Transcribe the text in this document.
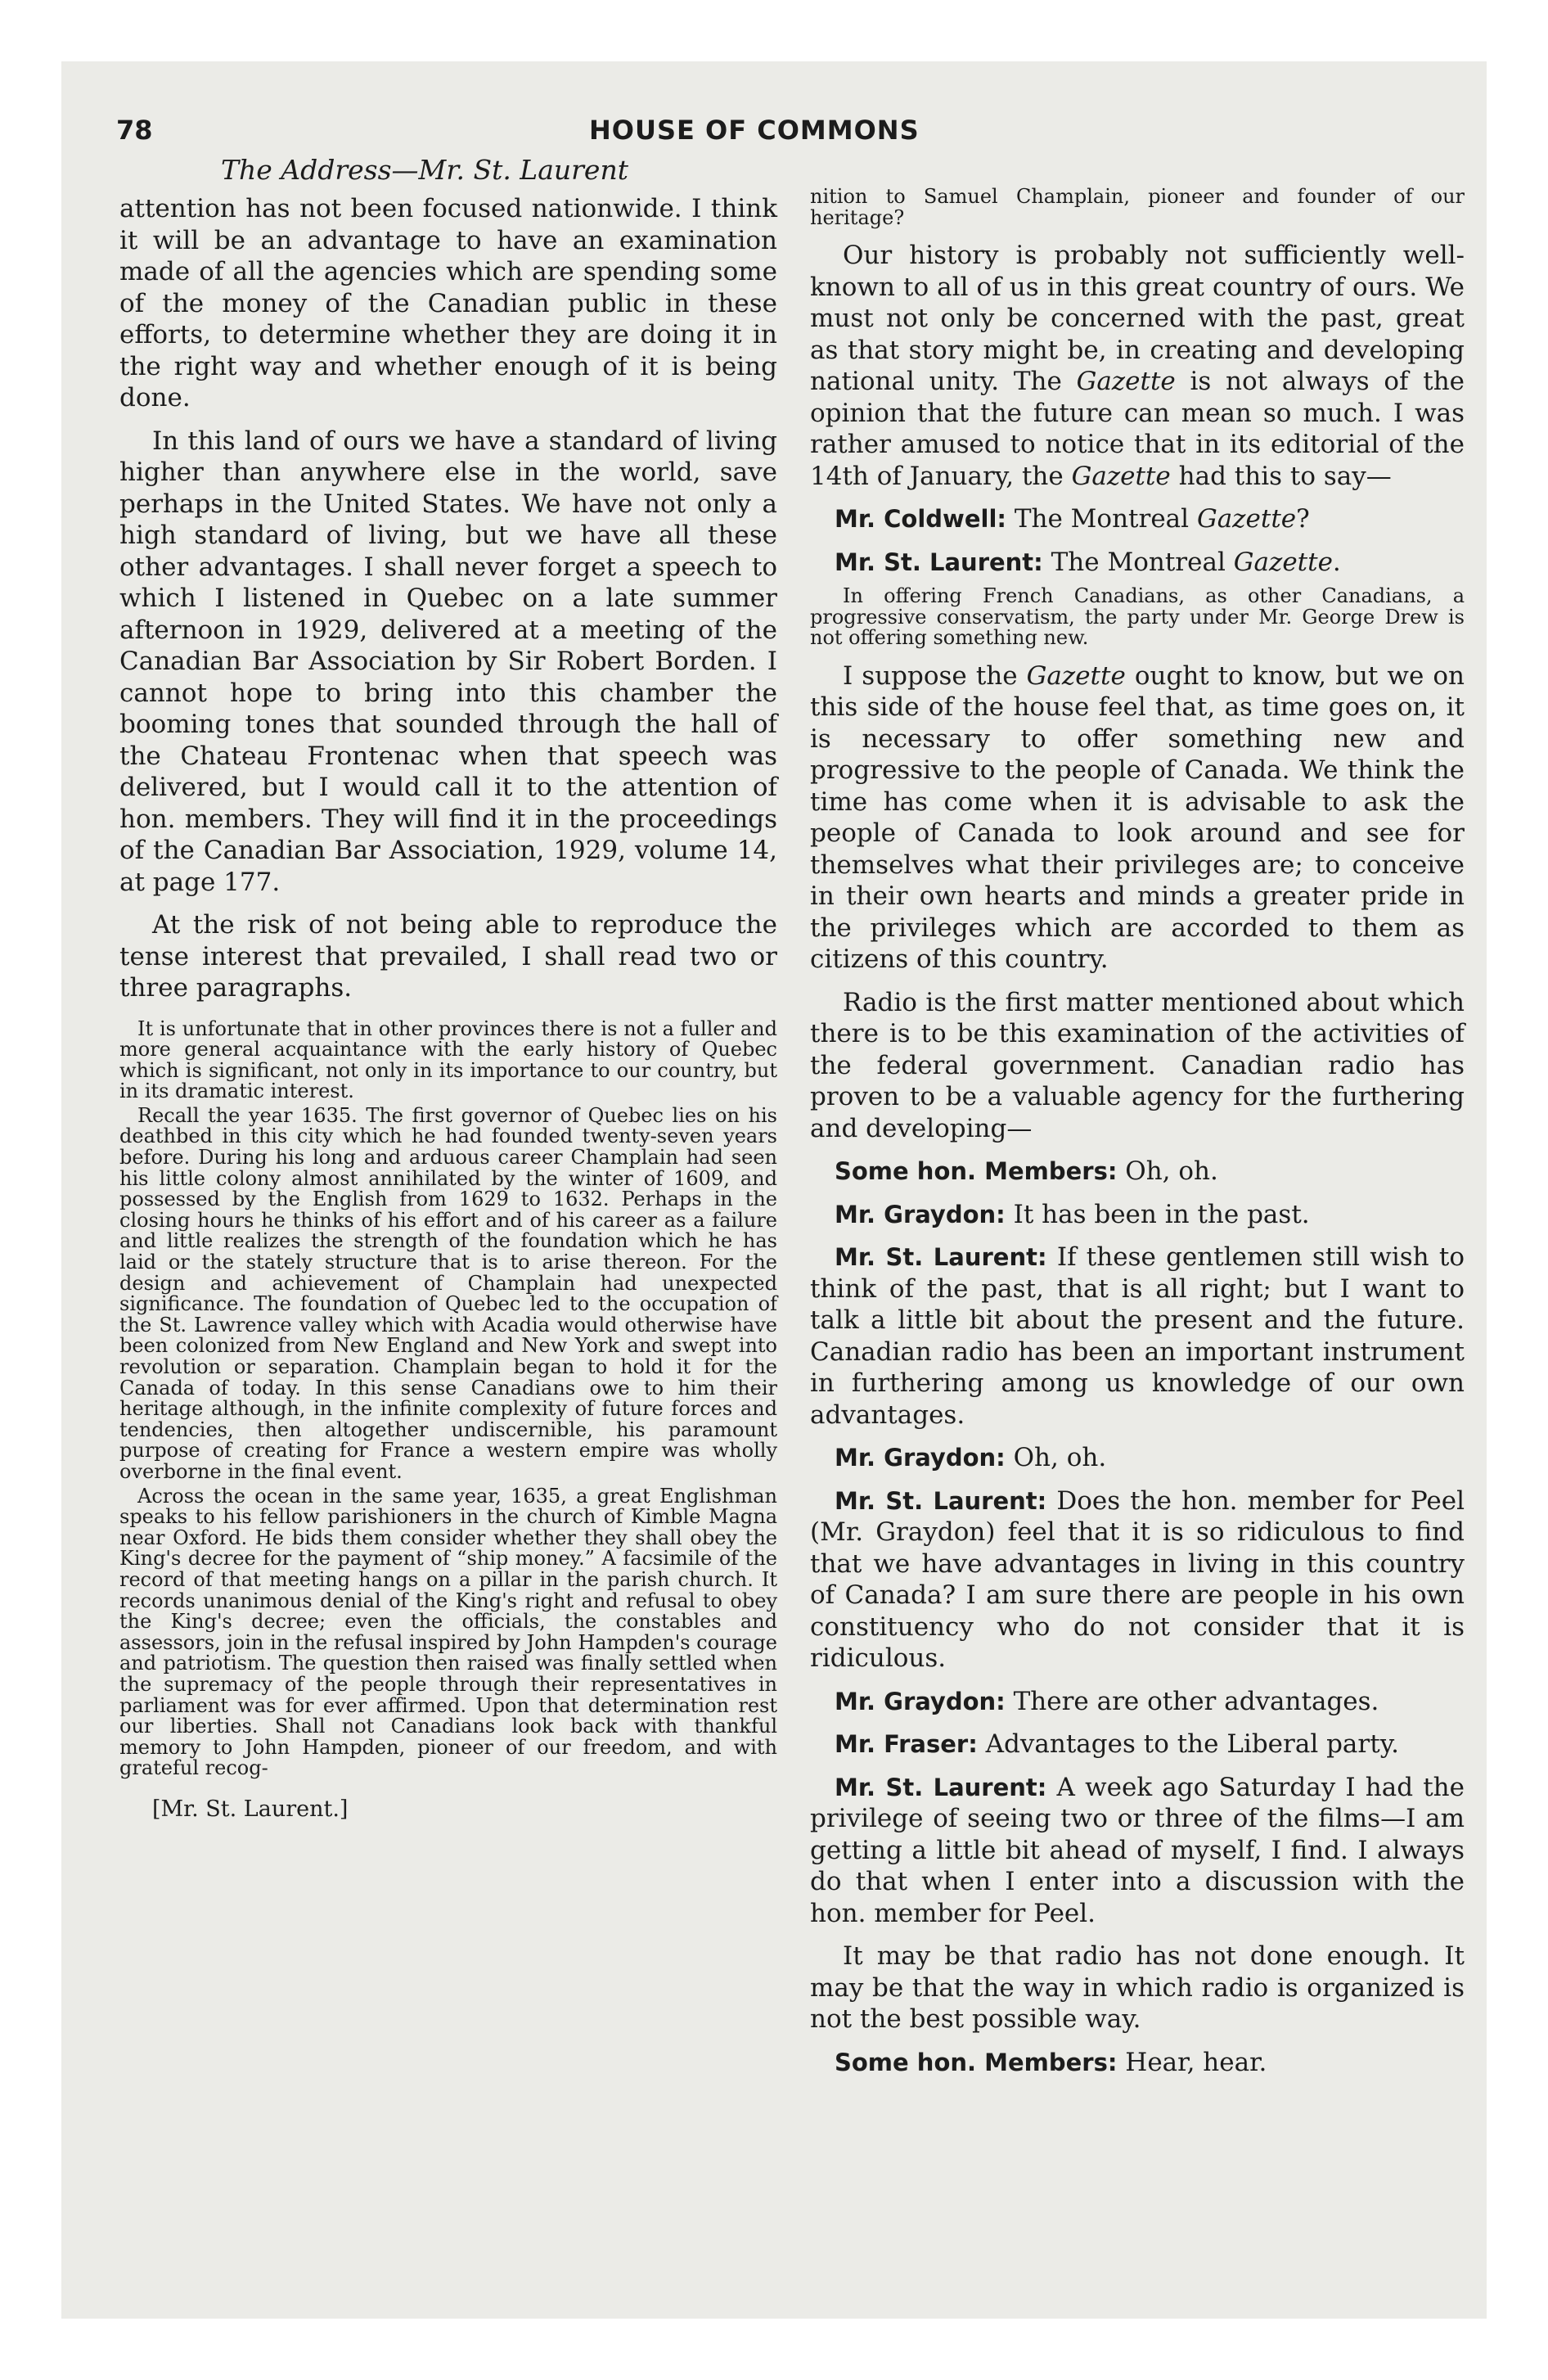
78	HOUSE OF COMMONS

The Address—Mr. St. Laurent

attention has not been focused nationwide. I think it will be an advantage to have an examination made of all the agencies which are spending some of the money of the Canadian public in these efforts, to determine whether they are doing it in the right way and whether enough of it is being done.

In this land of ours we have a standard of living higher than anywhere else in the world, save perhaps in the United States. We have not only a high standard of living, but we have all these other advantages. I shall never forget a speech to which I listened in Quebec on a late summer afternoon in 1929, delivered at a meeting of the Canadian Bar Association by Sir Robert Borden. I cannot hope to bring into this chamber the booming tones that sounded through the hall of the Chateau Frontenac when that speech was delivered, but I would call it to the attention of hon. members. They will find it in the proceedings of the Canadian Bar Association, 1929, volume 14, at page 177.

At the risk of not being able to reproduce the tense interest that prevailed, I shall read two or three paragraphs.

It is unfortunate that in other provinces there is not a fuller and more general acquaintance with the early history of Quebec which is significant, not only in its importance to our country, but in its dramatic interest.

Recall the year 1635. The first governor of Quebec lies on his deathbed in this city which he had founded twenty-seven years before. During his long and arduous career Champlain had seen his little colony almost annihilated by the winter of 1609, and possessed by the English from 1629 to 1632. Perhaps in the closing hours he thinks of his effort and of his career as a failure and little realizes the strength of the foundation which he has laid or the stately structure that is to arise thereon. For the design and achievement of Champlain had unexpected significance. The foundation of Quebec led to the occupation of the St. Lawrence valley which with Acadia would otherwise have been colonized from New England and New York and swept into revolution or separation. Champlain began to hold it for the Canada of today. In this sense Canadians owe to him their heritage although, in the infinite complexity of future forces and tendencies, then altogether undiscernible, his paramount purpose of creating for France a western empire was wholly overborne in the final event.

Across the ocean in the same year, 1635, a great Englishman speaks to his fellow parishioners in the church of Kimble Magna near Oxford. He bids them consider whether they shall obey the King's decree for the payment of “ship money.” A facsimile of the record of that meeting hangs on a pillar in the parish church. It records unanimous denial of the King's right and refusal to obey the King's decree; even the officials, the constables and assessors, join in the refusal inspired by John Hampden's courage and patriotism. The question then raised was finally settled when the supremacy of the people through their representatives in parliament was for ever affirmed. Upon that determination rest our liberties. Shall not Canadians look back with thankful memory to John Hampden, pioneer of our freedom, and with grateful recog-

[Mr. St. Laurent.]

nition to Samuel Champlain, pioneer and founder of our heritage?

Our history is probably not sufficiently well-known to all of us in this great country of ours. We must not only be concerned with the past, great as that story might be, in creating and developing national unity. The Gazette is not always of the opinion that the future can mean so much. I was rather amused to notice that in its editorial of the 14th of January, the Gazette had this to say—

Mr. Coldwell: The Montreal Gazette?

Mr. St. Laurent: The Montreal Gazette.

In offering French Canadians, as other Canadians, a progressive conservatism, the party under Mr. George Drew is not offering something new.

I suppose the Gazette ought to know, but we on this side of the house feel that, as time goes on, it is necessary to offer something new and progressive to the people of Canada. We think the time has come when it is advisable to ask the people of Canada to look around and see for themselves what their privileges are; to conceive in their own hearts and minds a greater pride in the privileges which are accorded to them as citizens of this country.

Radio is the first matter mentioned about which there is to be this examination of the activities of the federal government. Canadian radio has proven to be a valuable agency for the furthering and developing—

Some hon. Members: Oh, oh.

Mr. Graydon: It has been in the past.

Mr. St. Laurent: If these gentlemen still wish to think of the past, that is all right; but I want to talk a little bit about the present and the future. Canadian radio has been an important instrument in furthering among us knowledge of our own advantages.

Mr. Graydon: Oh, oh.

Mr. St. Laurent: Does the hon. member for Peel (Mr. Graydon) feel that it is so ridiculous to find that we have advantages in living in this country of Canada? I am sure there are people in his own constituency who do not consider that it is ridiculous.

Mr. Graydon: There are other advantages.

Mr. Fraser: Advantages to the Liberal party.

Mr. St. Laurent: A week ago Saturday I had the privilege of seeing two or three of the films—I am getting a little bit ahead of myself, I find. I always do that when I enter into a discussion with the hon. member for Peel.

It may be that radio has not done enough. It may be that the way in which radio is organized is not the best possible way.

Some hon. Members: Hear, hear.
